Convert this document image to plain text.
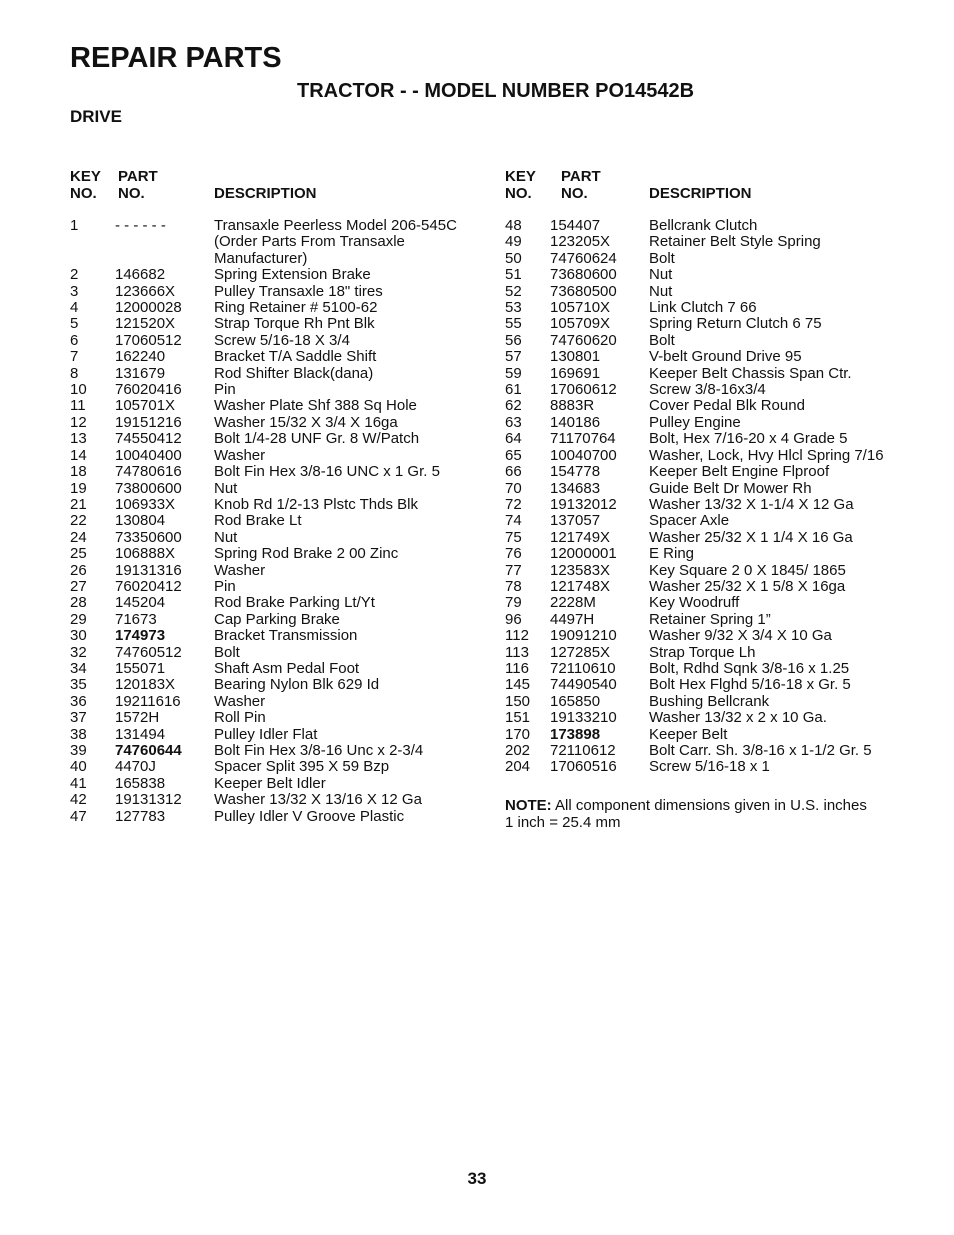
REPAIR PARTS
TRACTOR - - MODEL NUMBER PO14542B
DRIVE
KEY
NO.
PART
NO.	DESCRIPTION
1 - - - - - -	Transaxle Peerless Model 206-545C
(Order Parts From Transaxle
Manufacturer)
2 146682	Spring Extension Brake
3 123666X	Pulley Transaxle 18" tires
4 12000028 Ring Retainer # 5100-62
5 121520X	Strap Torque Rh Pnt Blk
6 17060512 Screw 5/16-18 X 3/4
7 162240	Bracket T/A Saddle Shift
8 131679	Rod Shifter Black(dana)
10 76020416 Pin
11 105701X	Washer Plate Shf 388 Sq Hole
12 19151216 Washer 15/32 X 3/4 X 16ga
13 74550412 Bolt 1/4-28 UNF Gr. 8 W/Patch
14 10040400 Washer
18 74780616 Bolt Fin Hex 3/8-16 UNC x 1 Gr. 5
19 73800600 Nut
21 106933X	Knob Rd 1/2-13 Plstc Thds Blk
22 130804	Rod Brake Lt
24 73350600 Nut
25 106888X	Spring Rod Brake 2 00 Zinc
26 19131316 Washer
27 76020412 Pin
28 145204	Rod Brake Parking Lt/Yt
29 71673	Cap Parking Brake
30 174973	Bracket Transmission
32 74760512 Bolt
34 155071	Shaft Asm Pedal Foot
35 120183X	Bearing Nylon Blk 629 Id
36 19211616 Washer
37 1572H	Roll Pin
38 131494	Pulley Idler Flat
39 74760644 Bolt Fin Hex 3/8-16 Unc x 2-3/4
40 4470J	Spacer Split 395 X 59 Bzp
41 165838	Keeper Belt Idler
42 19131312 Washer 13/32 X 13/16 X 12 Ga
47 127783	Pulley Idler V Groove Plastic
KEY
NO.
PART
NO.	DESCRIPTION
48 154407	Bellcrank Clutch
49 123205X	Retainer Belt Style Spring
50 74760624 Bolt
51 73680600 Nut
52 73680500 Nut
53 105710X	Link Clutch 7 66
55 105709X	Spring Return Clutch 6 75
56 74760620 Bolt
57 130801	V-belt Ground Drive 95
59 169691	Keeper Belt Chassis Span Ctr.
61 17060612 Screw 3/8-16x3/4
62 8883R	Cover Pedal Blk Round
63 140186	Pulley Engine
64 71170764 Bolt, Hex 7/16-20 x 4 Grade 5
65 10040700 Washer, Lock, Hvy Hlcl Spring 7/16
66 154778	Keeper Belt Engine Flproof
70 134683	Guide Belt Dr Mower Rh
72 19132012 Washer 13/32 X 1-1/4 X 12 Ga
74 137057	Spacer Axle
75 121749X	Washer 25/32 X 1 1/4 X 16 Ga
76 12000001 E Ring
77 123583X	Key Square 2 0 X 1845/ 1865
78 121748X	Washer 25/32 X 1 5/8 X 16ga
79 2228M	Key Woodruff
96 4497H	Retainer Spring 1”
112 19091210 Washer 9/32 X 3/4 X 10 Ga
113 127285X	Strap Torque Lh
116 72110610 Bolt, Rdhd Sqnk 3/8-16 x 1.25
145 74490540 Bolt Hex Flghd 5/16-18 x Gr. 5
150 165850	Bushing Bellcrank
151 19133210 Washer 13/32 x 2 x 10 Ga.
170 173898	Keeper Belt
202 72110612 Bolt Carr. Sh. 3/8-16 x 1-1/2 Gr. 5
204 17060516 Screw 5/16-18 x 1
NOTE: All component dimensions given in U.S. inches
1 inch = 25.4 mm
33
